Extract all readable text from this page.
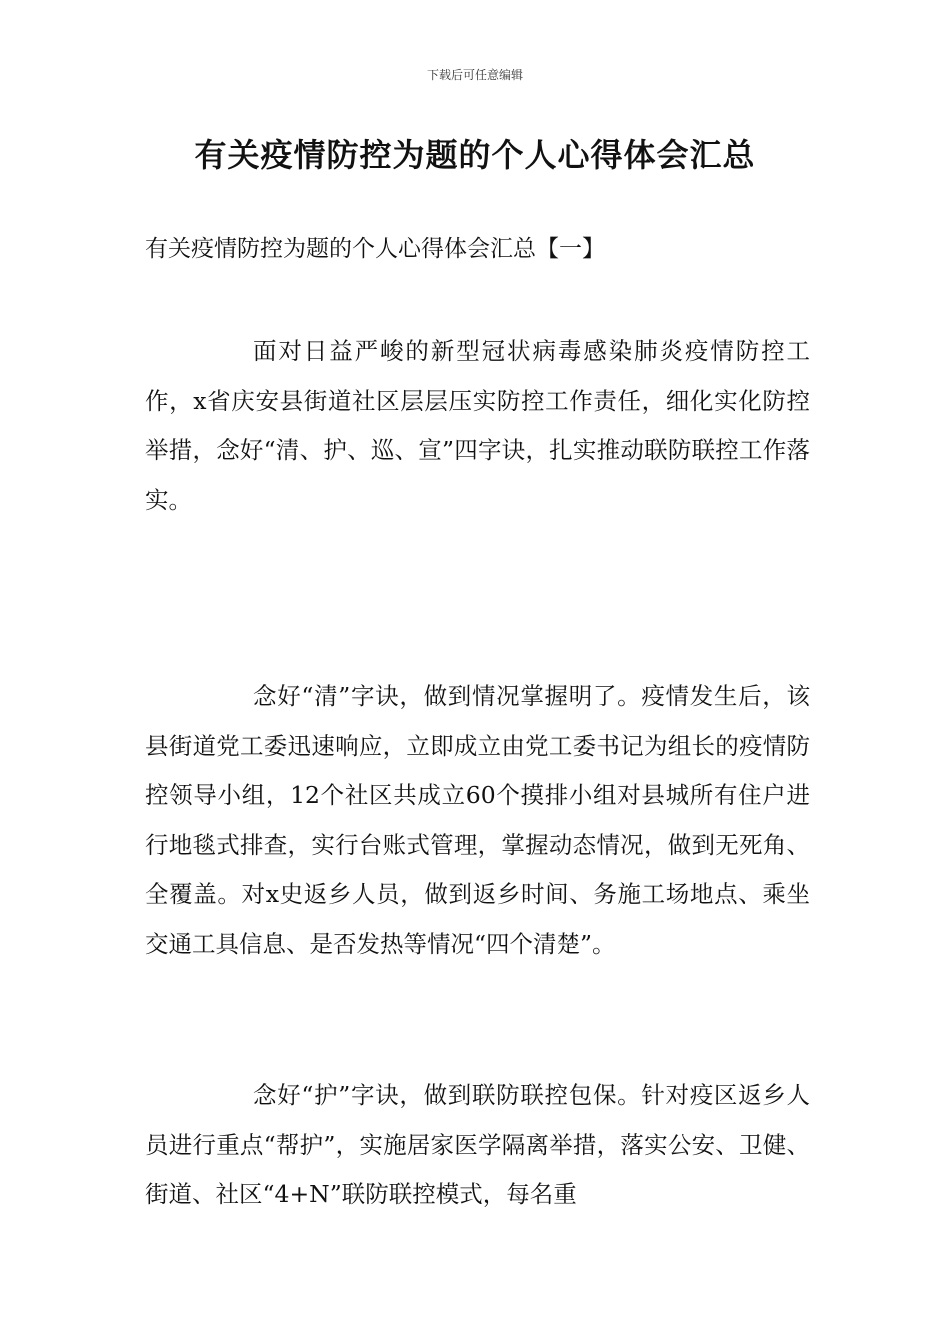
下载后可任意编辑
有关疫情防控为题的个人心得体会汇总
有关疫情防控为题的个人心得体会汇总【一】

面对日益严峻的新型冠状病毒感染肺炎疫情防控工作，x省庆安县街道社区层层压实防控工作责任，细化实化防控举措，念好“清、护、巡、宣”四字诀，扎实推动联防联控工作落实。

念好“清”字诀，做到情况掌握明了。疫情发生后，该县街道党工委迅速响应，立即成立由党工委书记为组长的疫情防控领导小组，12个社区共成立60个摸排小组对县城所有住户进行地毯式排查，实行台账式管理，掌握动态情况，做到无死角、全覆盖。对x史返乡人员，做到返乡时间、务施工场地点、乘坐交通工具信息、是否发热等情况“四个清楚”。

念好“护”字诀，做到联防联控包保。针对疫区返乡人员进行重点“帮护”，实施居家医学隔离举措，落实公安、卫健、街道、社区“4+N”联防联控模式，每名重
